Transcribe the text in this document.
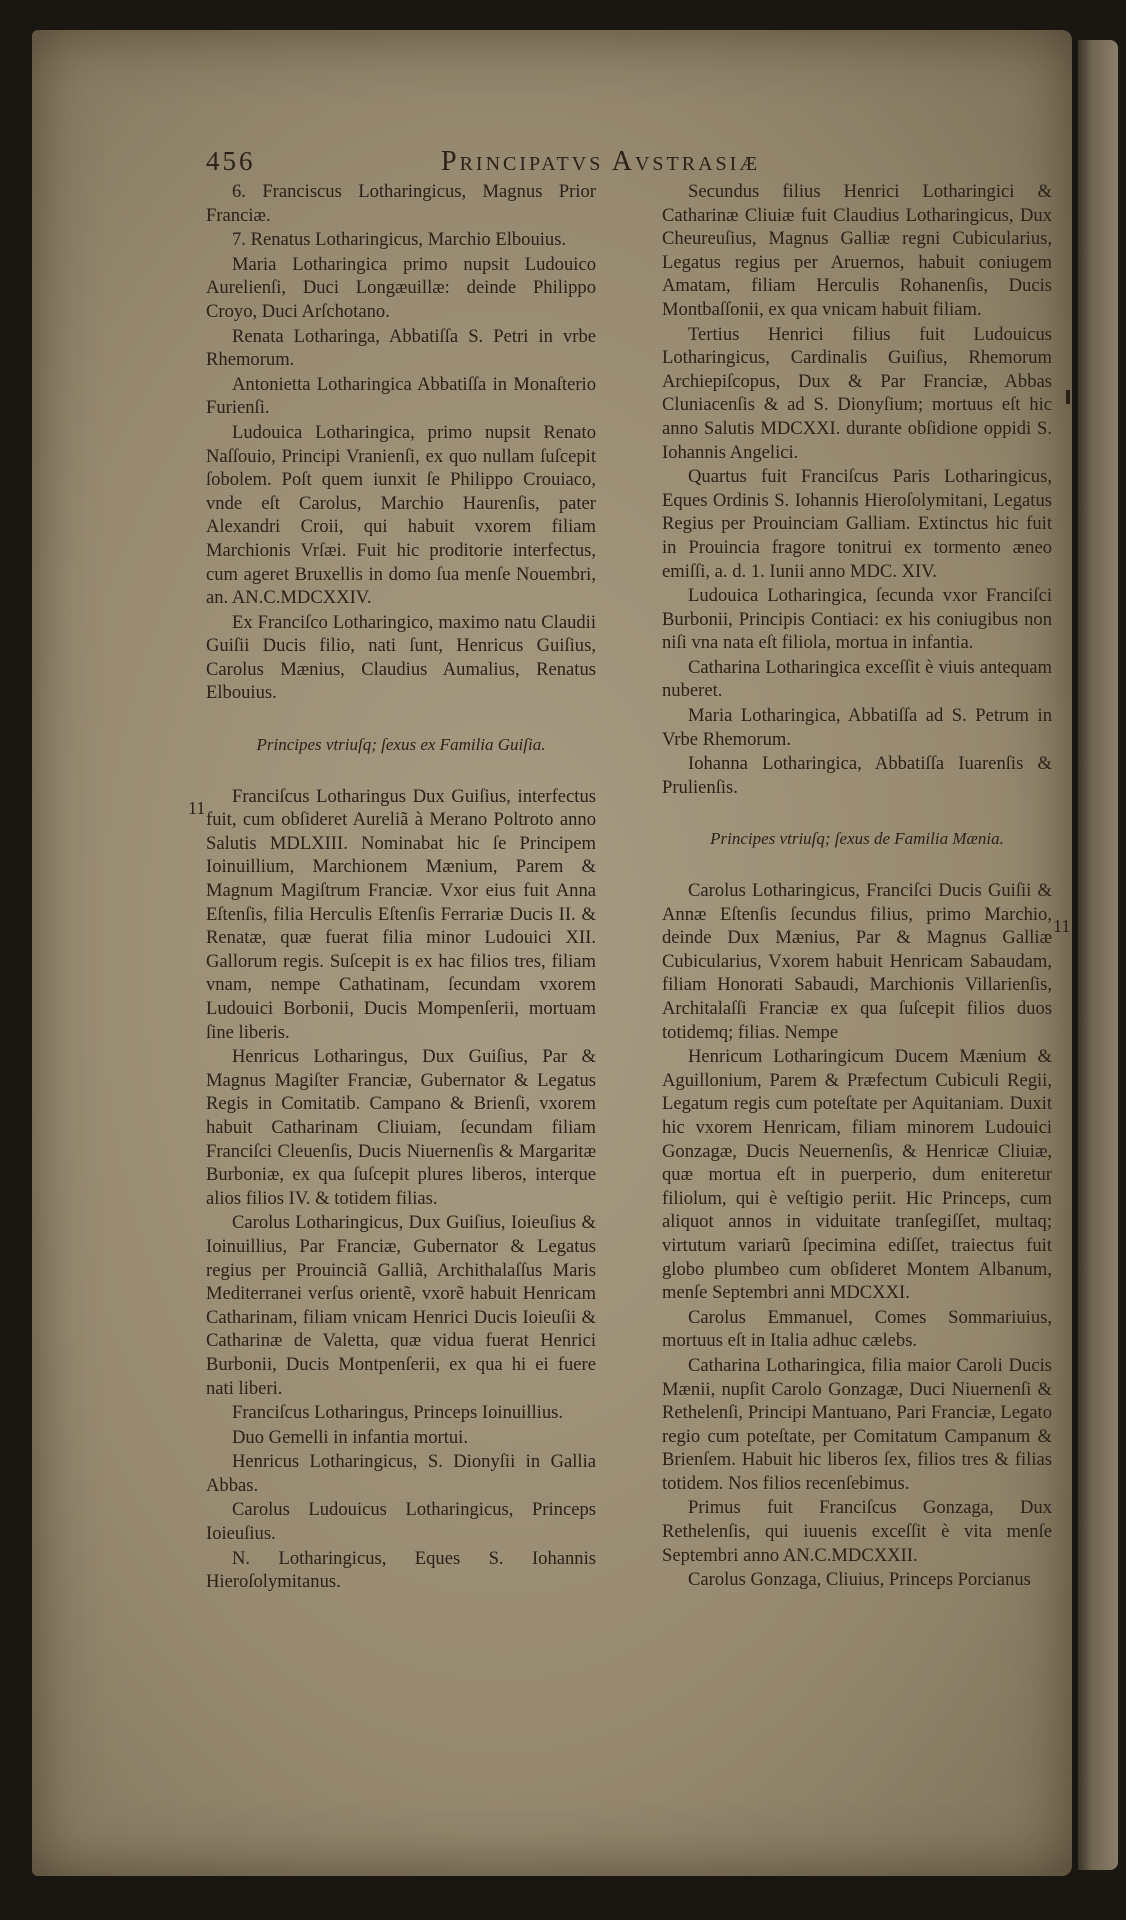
456	Principatvs Avstrasiæ
11
11

6. Franciscus Lotharingicus, Magnus Prior Franciæ.

7. Renatus Lotharingicus, Marchio Elbouius.

Maria Lotharingica primo nupsit Ludouico Aurelienſi, Duci Longæuillæ: deinde Philippo Croyo, Duci Arſchotano.

Renata Lotharinga, Abbatiſſa S. Petri in vrbe Rhemorum.

Antonietta Lotharingica Abbatiſſa in Monaſterio Furienſi.

Ludouica Lotharingica, primo nupsit Renato Naſſouio, Principi Vranienſi, ex quo nullam ſuſcepit ſobolem. Poſt quem iunxit ſe Philippo Crouiaco, vnde eſt Carolus, Marchio Haurenſis, pater Alexandri Croii, qui habuit vxorem filiam Marchionis Vrſæi. Fuit hic proditorie interfectus, cum ageret Bruxellis in domo ſua menſe Nouembri, an. AN.C.MDCXXIV.

Ex Franciſco Lotharingico, maximo natu Claudii Guiſii Ducis filio, nati ſunt, Henricus Guiſius, Carolus Mænius, Claudius Aumalius, Renatus Elbouius.

Principes vtriuſq; ſexus ex Familia Guiſia.

Franciſcus Lotharingus Dux Guiſius, interfectus fuit, cum obſideret Aureliã à Merano Poltroto anno Salutis MDLXIII. Nominabat hic ſe Principem Ioinuillium, Marchionem Mænium, Parem & Magnum Magiſtrum Franciæ. Vxor eius fuit Anna Eſtenſis, filia Herculis Eſtenſis Ferrariæ Ducis II. & Renatæ, quæ fuerat filia minor Ludouici XII. Gallorum regis. Suſcepit is ex hac filios tres, filiam vnam, nempe Cathatinam, ſecundam vxorem Ludouici Borbonii, Ducis Mompenſerii, mortuam ſine liberis.

Henricus Lotharingus, Dux Guiſius, Par & Magnus Magiſter Franciæ, Gubernator & Legatus Regis in Comitatib. Campano & Brienſi, vxorem habuit Catharinam Cliuiam, ſecundam filiam Franciſci Cleuenſis, Ducis Niuernenſis & Margaritæ Burboniæ, ex qua ſuſcepit plures liberos, interque alios filios IV. & totidem filias.

Carolus Lotharingicus, Dux Guiſius, Ioieuſius & Ioinuillius, Par Franciæ, Gubernator & Legatus regius per Prouinciã Galliã, Archithalaſſus Maris Mediterranei verſus orientẽ, vxorẽ habuit Henricam Catharinam, filiam vnicam Henrici Ducis Ioieuſii & Catharinæ de Valetta, quæ vidua fuerat Henrici Burbonii, Ducis Montpenſerii, ex qua hi ei fuere nati liberi.

Franciſcus Lotharingus, Princeps Ioinuillius.

Duo Gemelli in infantia mortui.

Henricus Lotharingicus, S. Dionyſii in Gallia Abbas.

Carolus Ludouicus Lotharingicus, Princeps Ioieuſius.

N. Lotharingicus, Eques S. Iohannis Hieroſolymitanus.

Secundus filius Henrici Lotharingici & Catharinæ Cliuiæ fuit Claudius Lotharingicus, Dux Cheureuſius, Magnus Galliæ regni Cubicularius, Legatus regius per Aruernos, habuit coniugem Amatam, filiam Herculis Rohanenſis, Ducis Montbaſſonii, ex qua vnicam habuit filiam.

Tertius Henrici filius fuit Ludouicus Lotharingicus, Cardinalis Guiſius, Rhemorum Archiepiſcopus, Dux & Par Franciæ, Abbas Cluniacenſis & ad S. Dionyſium; mortuus eſt hic anno Salutis MDCXXI. durante obſidione oppidi S. Iohannis Angelici.

Quartus fuit Franciſcus Paris Lotharingicus, Eques Ordinis S. Iohannis Hieroſolymitani, Legatus Regius per Prouinciam Galliam. Extinctus hic fuit in Prouincia fragore tonitrui ex tormento æneo emiſſi, a. d. 1. Iunii anno MDC. XIV.

Ludouica Lotharingica, ſecunda vxor Franciſci Burbonii, Principis Contiaci: ex his coniugibus non niſi vna nata eſt filiola, mortua in infantia.

Catharina Lotharingica exceſſit è viuis antequam nuberet.

Maria Lotharingica, Abbatiſſa ad S. Petrum in Vrbe Rhemorum.

Iohanna Lotharingica, Abbatiſſa Iuarenſis & Prulienſis.

Principes vtriuſq; ſexus de Familia Mænia.

Carolus Lotharingicus, Franciſci Ducis Guiſii & Annæ Eſtenſis ſecundus filius, primo Marchio, deinde Dux Mænius, Par & Magnus Galliæ Cubicularius, Vxorem habuit Henricam Sabaudam, filiam Honorati Sabaudi, Marchionis Villarienſis, Architalaſſi Franciæ ex qua ſuſcepit filios duos totidemq; filias. Nempe

Henricum Lotharingicum Ducem Mænium & Aguillonium, Parem & Præfectum Cubiculi Regii, Legatum regis cum poteſtate per Aquitaniam. Duxit hic vxorem Henricam, filiam minorem Ludouici Gonzagæ, Ducis Neuernenſis, & Henricæ Cliuiæ, quæ mortua eſt in puerperio, dum eniteretur filiolum, qui è veſtigio periit. Hic Princeps, cum aliquot annos in viduitate tranſegiſſet, multaq; virtutum variarũ ſpecimina ediſſet, traiectus fuit globo plumbeo cum obſideret Montem Albanum, menſe Septembri anni MDCXXI.

Carolus Emmanuel, Comes Sommariuius, mortuus eſt in Italia adhuc cælebs.

Catharina Lotharingica, filia maior Caroli Ducis Mænii, nupſit Carolo Gonzagæ, Duci Niuernenſi & Rethelenſi, Principi Mantuano, Pari Franciæ, Legato regio cum poteſtate, per Comitatum Campanum & Brienſem. Habuit hic liberos ſex, filios tres & filias totidem. Nos filios recenſebimus.

Primus fuit Franciſcus Gonzaga, Dux Rethelenſis, qui iuuenis exceſſit è vita menſe Septembri anno AN.C.MDCXXII.

Carolus Gonzaga, Cliuius, Princeps Porcianus
